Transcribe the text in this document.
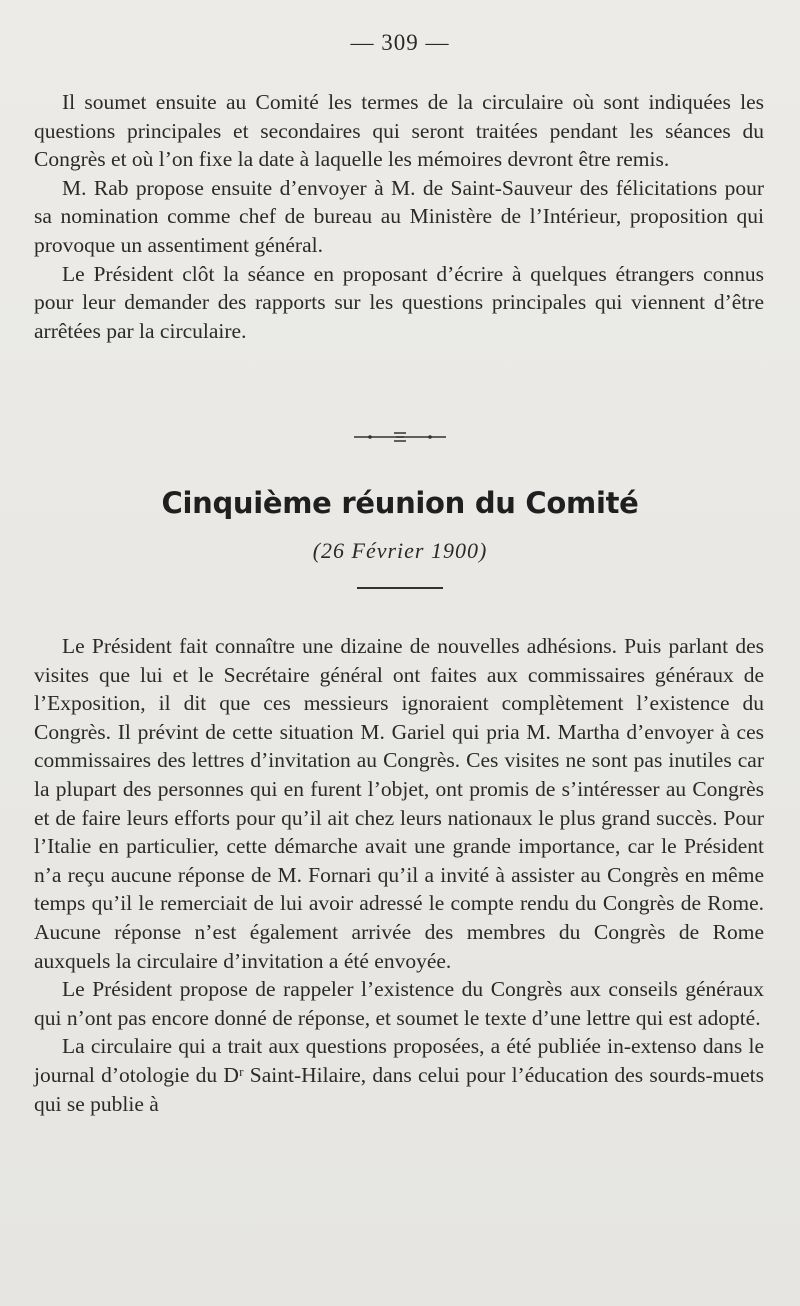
— 309 —

Il soumet ensuite au Comité les termes de la circulaire où sont indiquées les questions principales et secondaires qui seront traitées pendant les séances du Congrès et où l’on fixe la date à laquelle les mémoires devront être remis.

M. Rab propose ensuite d’envoyer à M. de Saint-Sauveur des félicitations pour sa nomination comme chef de bureau au Ministère de l’Intérieur, proposition qui provoque un assentiment général.

Le Président clôt la séance en proposant d’écrire à quelques étrangers connus pour leur demander des rapports sur les questions principales qui viennent d’être arrêtées par la circulaire.

Cinquième réunion du Comité
(26 Février 1900)

Le Président fait connaître une dizaine de nouvelles adhésions. Puis parlant des visites que lui et le Secrétaire général ont faites aux commissaires généraux de l’Exposition, il dit que ces messieurs ignoraient complètement l’existence du Congrès. Il prévint de cette situation M. Gariel qui pria M. Martha d’envoyer à ces commissaires des lettres d’invitation au Congrès. Ces visites ne sont pas inutiles car la plupart des personnes qui en furent l’objet, ont promis de s’intéresser au Congrès et de faire leurs efforts pour qu’il ait chez leurs nationaux le plus grand succès. Pour l’Italie en particulier, cette démarche avait une grande importance, car le Président n’a reçu aucune réponse de M. Fornari qu’il a invité à assister au Congrès en même temps qu’il le remerciait de lui avoir adressé le compte rendu du Congrès de Rome. Aucune réponse n’est également arrivée des membres du Congrès de Rome auxquels la circulaire d’invitation a été envoyée.

Le Président propose de rappeler l’existence du Congrès aux conseils généraux qui n’ont pas encore donné de réponse, et soumet le texte d’une lettre qui est adopté.

La circulaire qui a trait aux questions proposées, a été publiée in-extenso dans le journal d’otologie du Dʳ Saint-Hilaire, dans celui pour l’éducation des sourds-muets qui se publie à
